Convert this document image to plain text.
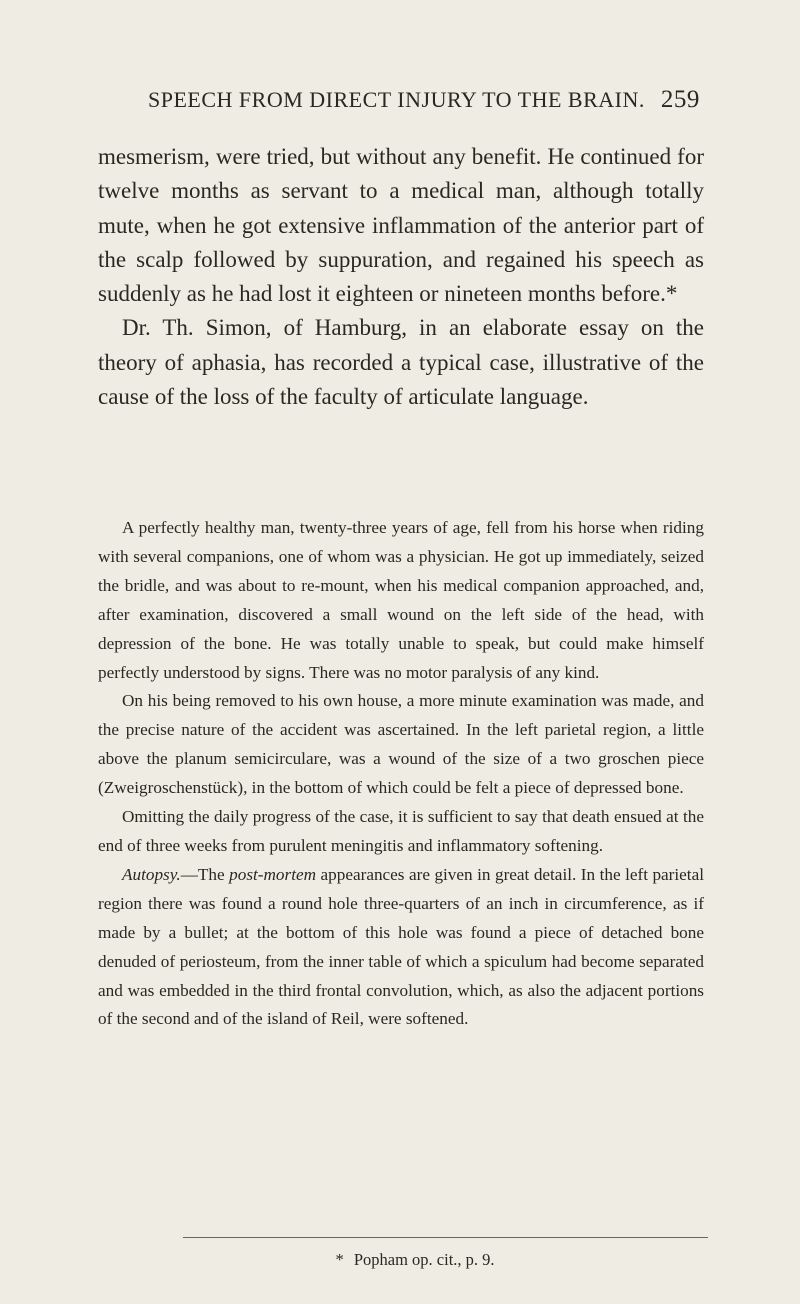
SPEECH FROM DIRECT INJURY TO THE BRAIN. 259

mesmerism, were tried, but without any benefit. He continued for twelve months as servant to a medical man, although totally mute, when he got extensive inflammation of the anterior part of the scalp followed by suppuration, and regained his speech as suddenly as he had lost it eighteen or nineteen months before.*

Dr. Th. Simon, of Hamburg, in an elaborate essay on the theory of aphasia, has recorded a typical case, illustrative of the cause of the loss of the faculty of articulate language.

A perfectly healthy man, twenty-three years of age, fell from his horse when riding with several companions, one of whom was a physician. He got up immediately, seized the bridle, and was about to re-mount, when his medical companion approached, and, after examination, discovered a small wound on the left side of the head, with depression of the bone. He was totally unable to speak, but could make himself perfectly understood by signs. There was no motor paralysis of any kind.

On his being removed to his own house, a more minute examination was made, and the precise nature of the accident was ascertained. In the left parietal region, a little above the planum semicirculare, was a wound of the size of a two groschen piece (Zweigroschenstück), in the bottom of which could be felt a piece of depressed bone.

Omitting the daily progress of the case, it is sufficient to say that death ensued at the end of three weeks from purulent meningitis and inflammatory softening.

Autopsy.—The post-mortem appearances are given in great detail. In the left parietal region there was found a round hole three-quarters of an inch in circumference, as if made by a bullet; at the bottom of this hole was found a piece of detached bone denuded of periosteum, from the inner table of which a spiculum had become separated and was embedded in the third frontal convolution, which, as also the adjacent portions of the second and of the island of Reil, were softened.

* Popham op. cit., p. 9.
